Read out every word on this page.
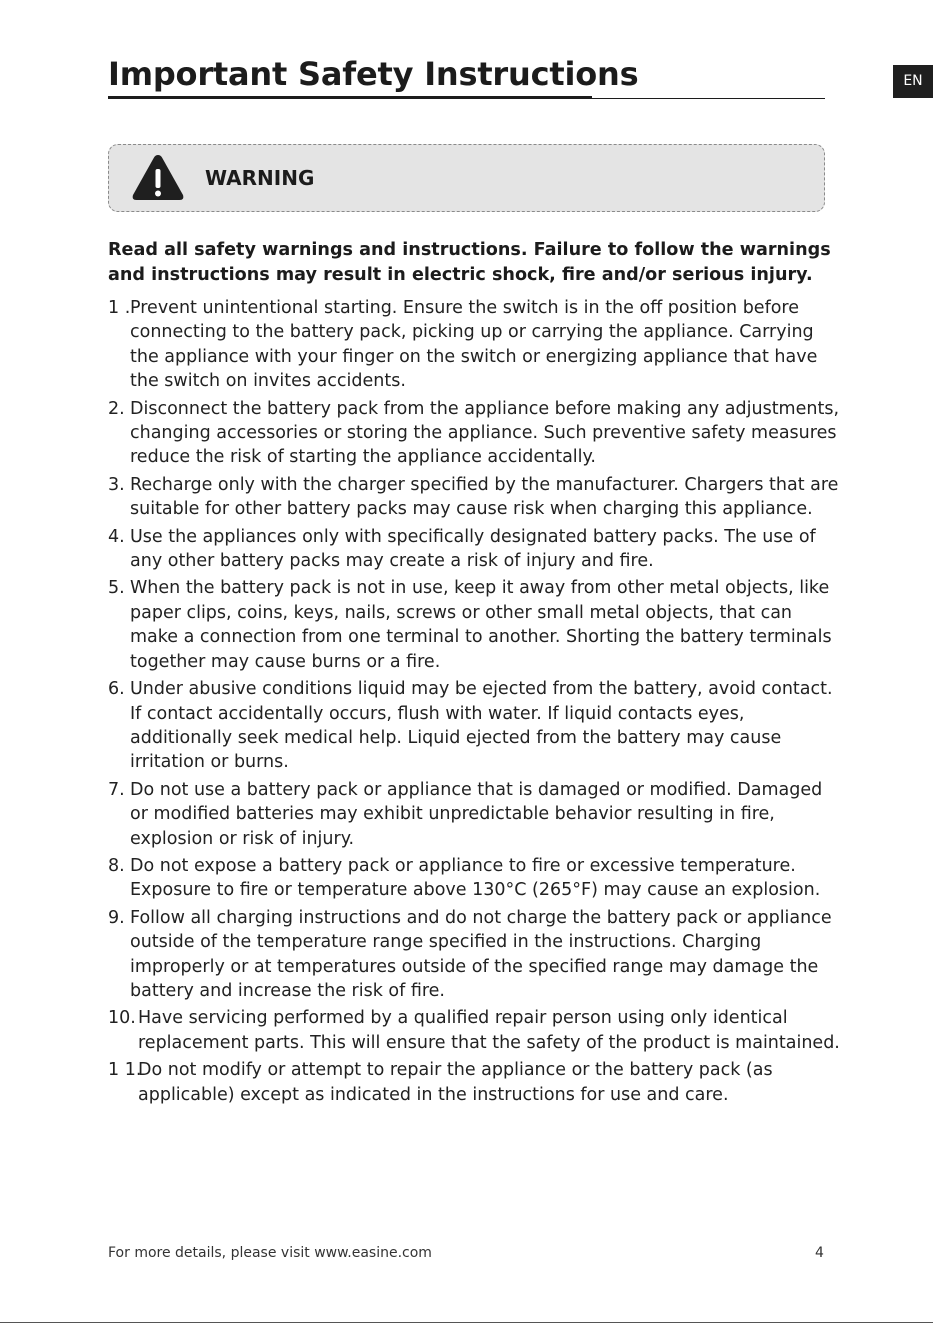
Important Safety Instructions	EN
WARNING

Read all safety warnings and instructions. Failure to follow the warnings and instructions may result in electric shock, fire and/or serious injury.

1 . Prevent unintentional starting. Ensure the switch is in the off position before connecting to the battery pack, picking up or carrying the appliance. Carrying the appliance with your finger on the switch or energizing appliance that have the switch on invites accidents.
2. Disconnect the battery pack from the appliance before making any adjustments, changing accessories or storing the appliance. Such preventive safety measures reduce the risk of starting the appliance accidentally.
3. Recharge only with the charger specified by the manufacturer. Chargers that are suitable for other battery packs may cause risk when charging this appliance.
4. Use the appliances only with specifically designated battery packs. The use of any other battery packs may create a risk of injury and fire.
5. When the battery pack is not in use, keep it away from other metal objects, like paper clips, coins, keys, nails, screws or other small metal objects, that can make a connection from one terminal to another. Shorting the battery terminals together may cause burns or a fire.
6. Under abusive conditions liquid may be ejected from the battery, avoid contact. If contact accidentally occurs, flush with water. If liquid contacts eyes, additionally seek medical help. Liquid ejected from the battery may cause irritation or burns.
7. Do not use a battery pack or appliance that is damaged or modified. Damaged or modified batteries may exhibit unpredictable behavior resulting in fire, explosion or risk of injury.
8. Do not expose a battery pack or appliance to fire or excessive temperature. Exposure to fire or temperature above 130°C (265°F) may cause an explosion.
9. Follow all charging instructions and do not charge the battery pack or appliance outside of the temperature range specified in the instructions. Charging improperly or at temperatures outside of the specified range may damage the battery and increase the risk of fire.
10. Have servicing performed by a qualified repair person using only identical replacement parts. This will ensure that the safety of the product is maintained.
1 1.
Do not modify or attempt to repair the appliance or the battery pack (as applicable) except as indicated in the instructions for use and care.
For more details, please visit www.easine.com	4
